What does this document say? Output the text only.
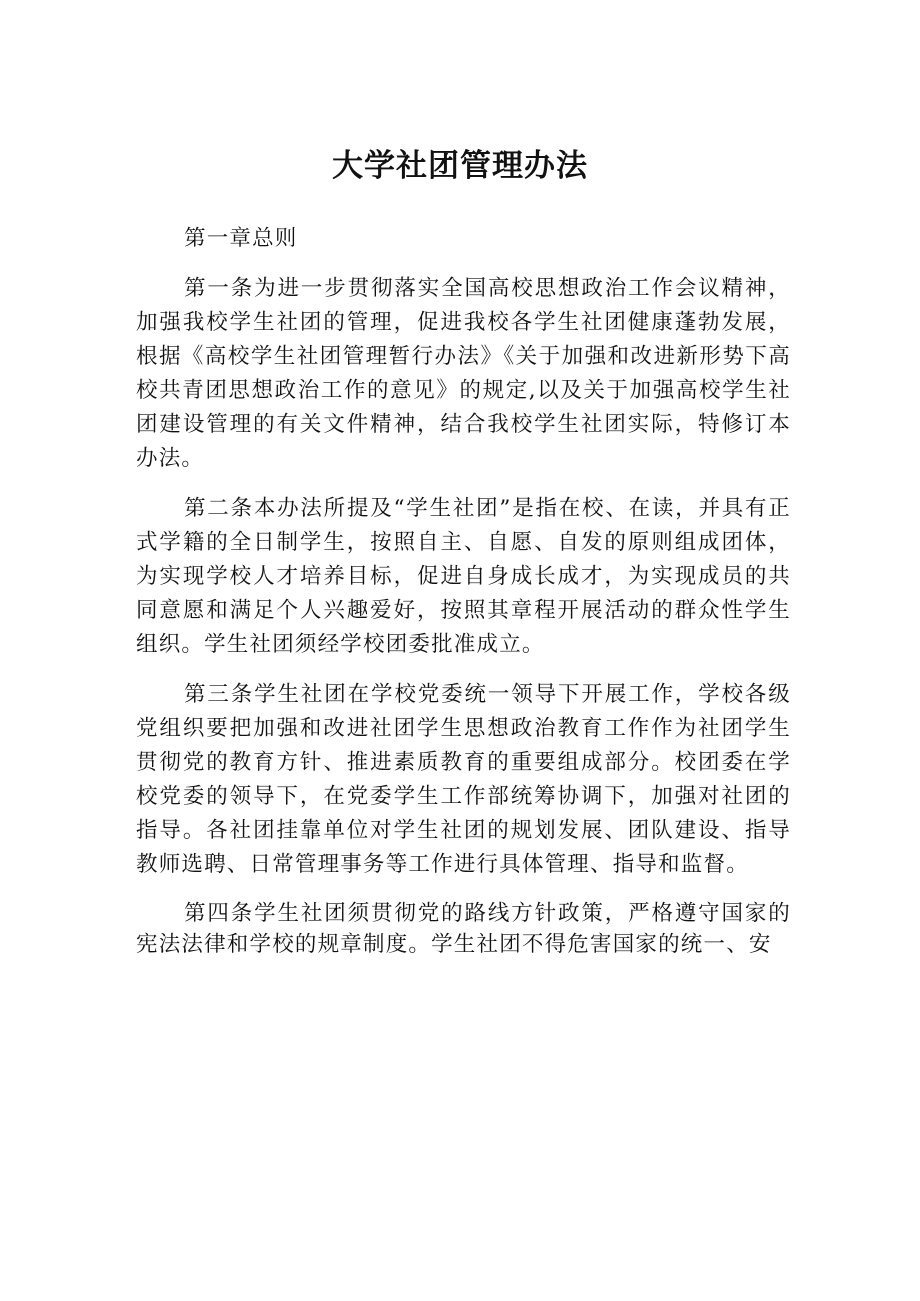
大学社团管理办法

第一章总则

第一条为进一步贯彻落实全国高校思想政治工作会议精神，加强我校学生社团的管理，促进我校各学生社团健康蓬勃发展，根据《高校学生社团管理暂行办法》《关于加强和改进新形势下高校共青团思想政治工作的意见》的规定,以及关于加强高校学生社团建设管理的有关文件精神，结合我校学生社团实际，特修订本办法。

第二条本办法所提及“学生社团”是指在校、在读，并具有正式学籍的全日制学生，按照自主、自愿、自发的原则组成团体，为实现学校人才培养目标，促进自身成长成才，为实现成员的共同意愿和满足个人兴趣爱好，按照其章程开展活动的群众性学生组织。学生社团须经学校团委批准成立。

第三条学生社团在学校党委统一领导下开展工作，学校各级党组织要把加强和改进社团学生思想政治教育工作作为社团学生贯彻党的教育方针、推进素质教育的重要组成部分。校团委在学校党委的领导下，在党委学生工作部统筹协调下，加强对社团的指导。各社团挂靠单位对学生社团的规划发展、团队建设、指导教师选聘、日常管理事务等工作进行具体管理、指导和监督。

第四条学生社团须贯彻党的路线方针政策，严格遵守国家的宪法法律和学校的规章制度。学生社团不得危害国家的统一、安
